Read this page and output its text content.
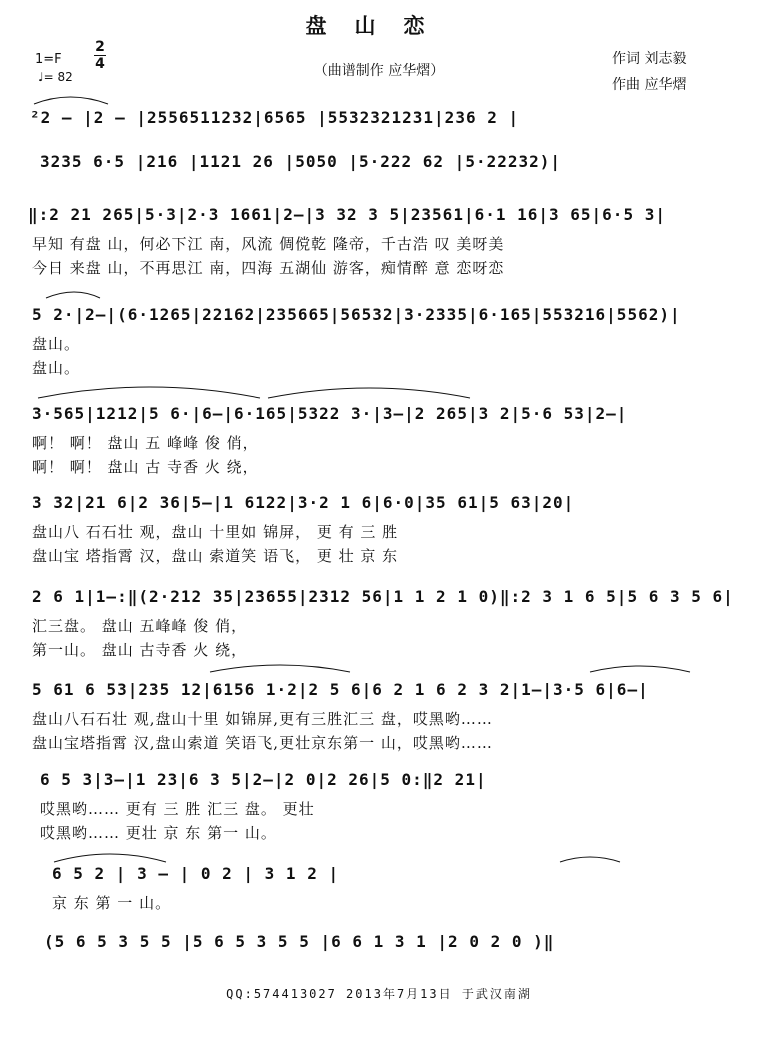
盘山恋
（曲谱制作 应华熠）
作词 刘志毅
作曲 应华熠
1=F
2
4
♩= 82
²2 – |2 – |2556511232|6565 |5532321231|236 2 |
3235 6·5 |216 |1121 26 |5050 |5·222 62 |5·22232)|
‖:2 21 265|5·3|2·3 1661|2–|3 32 3 5|23561|6·1 16|3 65|6·5 3|
早知 有盘 山，何必下江 南，风流 倜傥乾 隆帝，千古浩 叹 美呀美
今日 来盘 山，不再思江 南，四海 五湖仙 游客，痴情醉 意 恋呀恋
5 2·|2–|(6·1265|22162|235665|56532|3·2335|6·165|553216|5562)|
盘山。
盘山。
3·565|1212|5 6·|6–|6·165|5322 3·|3–|2 265|3 2|5·6 53|2–|
啊！ 啊！ 盘山 五 峰峰 俊 俏，
啊！ 啊！ 盘山 古 寺香 火 绕，
3 32|21 6|2 36|5–|1 6122|3·2 1 6|6·0|35 61|5 63|20|
盘山八 石石壮 观，盘山 十里如 锦屏， 更 有 三 胜
盘山宝 塔指霄 汉，盘山 索道笑 语飞， 更 壮 京 东
2 6 1|1–:‖(2·212 35|23655|2312 56|1 1 2 1 0)‖:2 3 1 6 5|5 6 3 5 6|
汇三盘。 盘山 五峰峰 俊 俏，
第一山。 盘山 古寺香 火 绕，
5 61 6 53|235 12|6156 1·2|2 5 6|6 2 1 6 2 3 2|1–|3·5 6|6–|
盘山八石石壮 观,盘山十里 如锦屏,更有三胜汇三 盘，哎黑哟……
盘山宝塔指霄 汉,盘山索道 笑语飞,更壮京东第一 山，哎黑哟……
6 5 3|3–|1 23|6 3 5|2–|2 0|2 26|5 0:‖2 21|
哎黑哟…… 更有 三 胜 汇三 盘。 更壮
哎黑哟…… 更壮 京 东 第一 山。
6 5 2 | 3 – | 0 2 | 3 1 2 |
京 东 第 一 山。
(5 6 5 3 5 5 |5 6 5 3 5 5 |6 6 1 3 1 |2 0 2 0 )‖
QQ:574413027 2013年7月13日 于武汉南湖
